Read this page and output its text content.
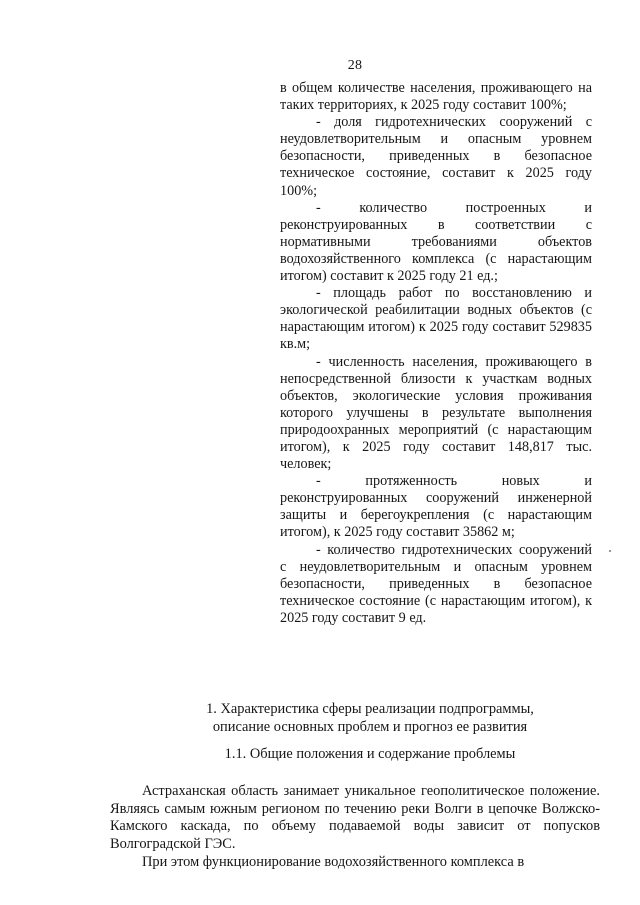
28

в общем количестве населения, проживающего на таких территориях, к 2025 году составит 100%;

- доля гидротехнических сооружений с неудовлетворительным и опасным уровнем безопасности, приведенных в безопасное техническое состояние, составит к 2025 году 100%;

- количество построенных и реконструированных в соответствии с нормативными требованиями объектов водохозяйственного комплекса (с нарастающим итогом) составит к 2025 году 21 ед.;

- площадь работ по восстановлению и экологической реабилитации водных объектов (с нарастающим итогом) к 2025 году составит 529835 кв.м;

- численность населения, проживающего в непосредственной близости к участкам водных объектов, экологические условия проживания которого улучшены в результате выполнения природоохранных мероприятий (с нарастающим итогом), к 2025 году составит 148,817 тыс. человек;

- протяженность новых и реконструированных сооружений инженерной защиты и берегоукрепления (с нарастающим итогом), к 2025 году составит 35862 м;

- количество гидротехнических сооружений с неудовлетворительным и опасным уровнем безопасности, приведенных в безопасное техническое состояние (с нарастающим итогом), к 2025 году составит 9 ед.

1. Характеристика сферы реализации подпрограммы,

описание основных проблем и прогноз ее развития

1.1. Общие положения и содержание проблемы

Астраханская область занимает уникальное геополитическое положение. Являясь самым южным регионом по течению реки Волги в цепочке Волжско-Камского каскада, по объему подаваемой воды зависит от попусков Волгоградской ГЭС.

При этом функционирование водохозяйственного комплекса в
